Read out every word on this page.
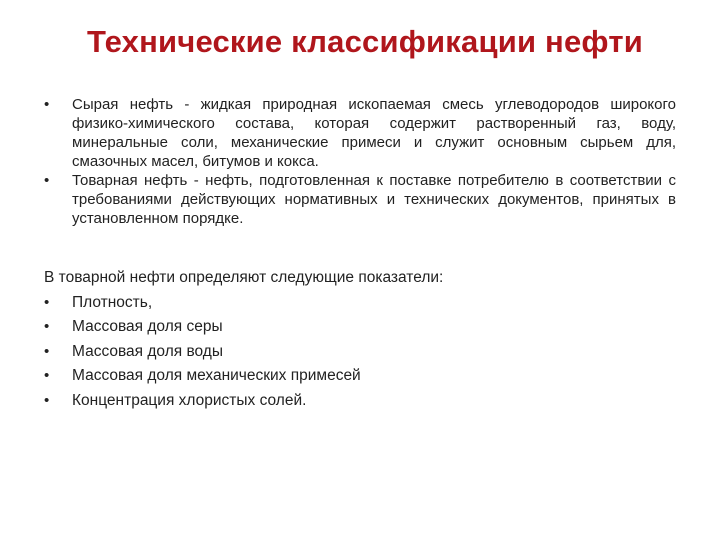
Технические классификации нефти
•	Сырая нефть - жидкая природная ископаемая смесь углеводородов широкого физико-химического состава, которая содержит растворенный газ, воду, минеральные соли, механические примеси и служит основным сырьем для, смазочных масел, битумов и кокса.
•	Товарная нефть - нефть, подготовленная к поставке потребителю в соответствии с требованиями действующих нормативных и технических документов, принятых в установленном порядке.

В товарной нефти определяют следующие показатели:

•	Плотность,
•	Массовая доля серы
•	Массовая доля воды
•	Массовая доля механических примесей
•	Концентрация хлористых солей.
